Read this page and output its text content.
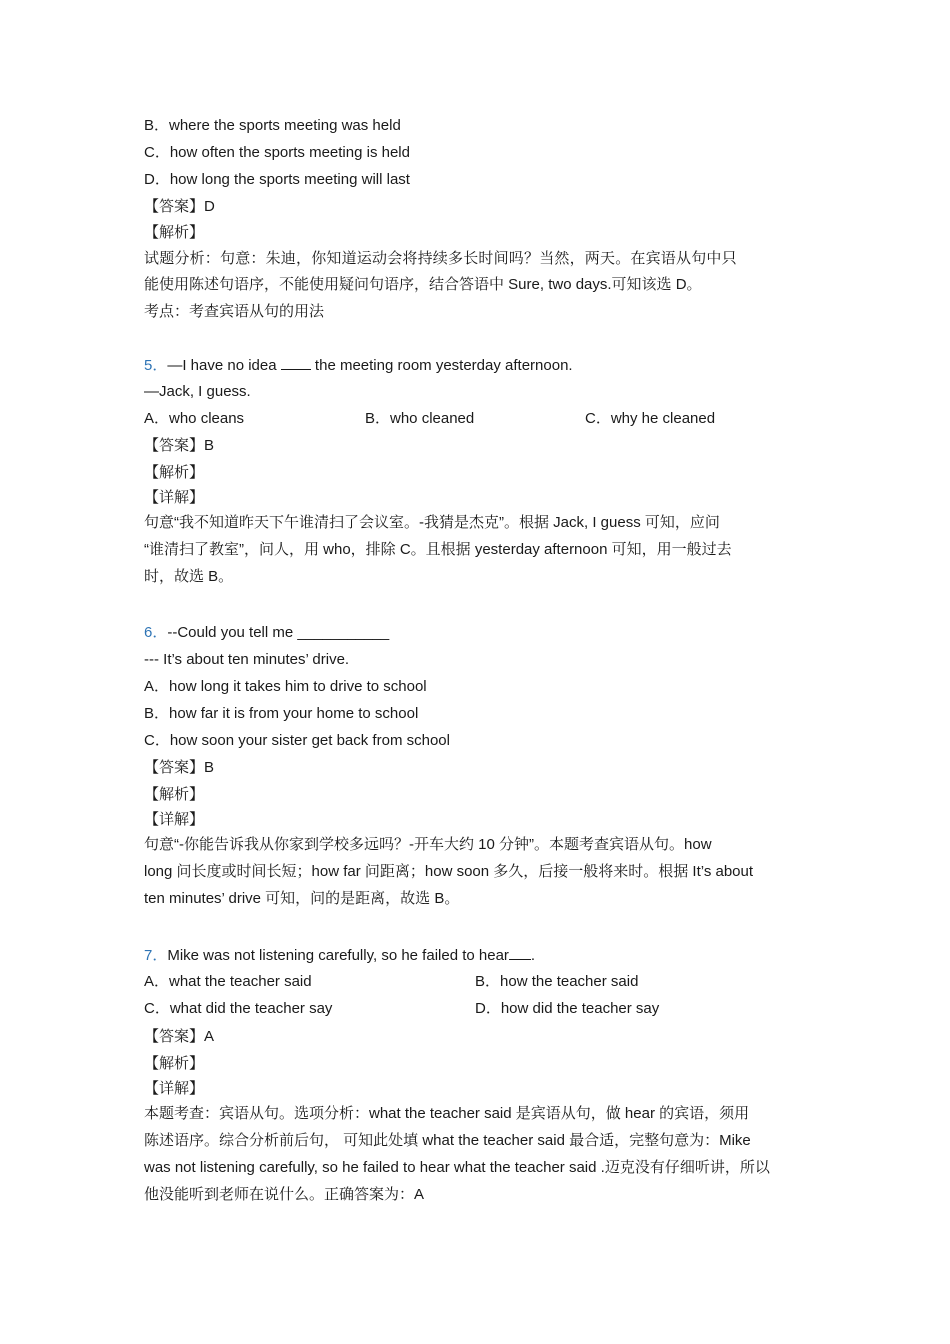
B．where the sports meeting was held
C．how often the sports meeting is held
D．how long the sports meeting will last
【答案】D
【解析】
试题分析：句意：朱迪，你知道运动会将持续多长时间吗？当然，两天。在宾语从句中只
能使用陈述句语序，不能使用疑问句语序，结合答语中 Sure, two days.可知该选 D。
考点：考查宾语从句的用法
5．—I have no idea  the meeting room yesterday afternoon.
—Jack, I guess.
A．who cleans	B．who cleaned	C．why he cleaned
【答案】B
【解析】
【详解】
句意“我不知道昨天下午谁清扫了会议室。-我猜是杰克”。根据 Jack, I guess 可知，应问
“谁清扫了教室”，问人，用 who，排除 C。且根据 yesterday afternoon 可知，用一般过去
时，故选 B。
6．--Could you tell me ___________
--- It’s about ten minutes’ drive.
A．how long it takes him to drive to school
B．how far it is from your home to school
C．how soon your sister get back from school
【答案】B
【解析】
【详解】
句意“-你能告诉我从你家到学校多远吗？-开车大约 10 分钟”。本题考查宾语从句。how
long 问长度或时间长短；how far 问距离；how soon 多久，后接一般将来时。根据 It’s about
ten minutes’ drive 可知，问的是距离，故选 B。
7．Mike was not listening carefully, so he failed to hear .
A．what the teacher said	B．how the teacher said
C．what did the teacher say	D．how did the teacher say
【答案】A
【解析】
【详解】
本题考查：宾语从句。选项分析：what the teacher said 是宾语从句，做 hear 的宾语，须用
陈述语序。综合分析前后句， 可知此处填 what the teacher said 最合适，完整句意为：Mike
was not listening carefully, so he failed to hear what the teacher said .迈克没有仔细听讲，所以
他没能听到老师在说什么。正确答案为：A
